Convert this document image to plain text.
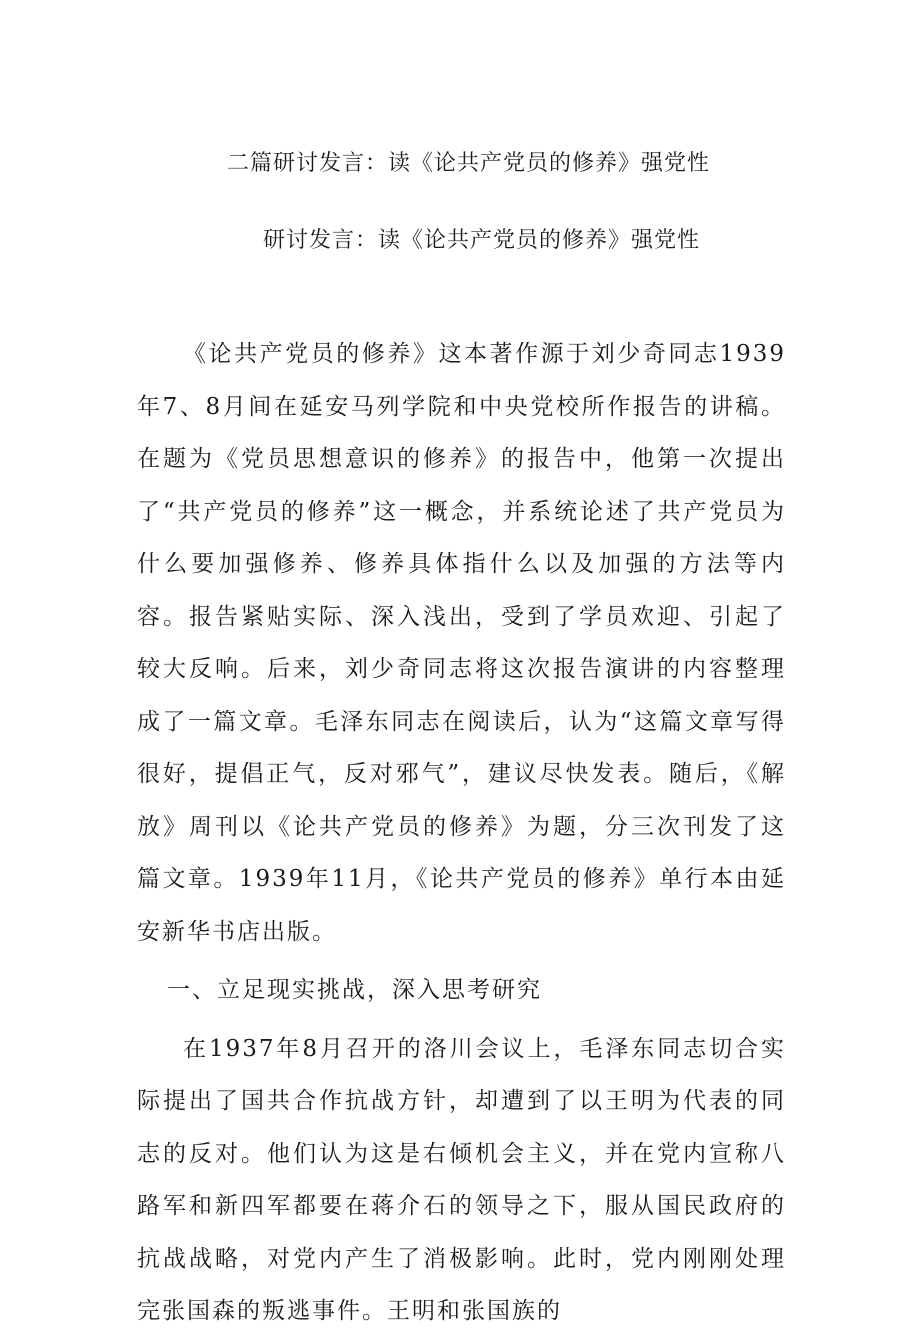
二篇研讨发言：读《论共产党员的修养》强党性
研讨发言：读《论共产党员的修养》强党性

《论共产党员的修养》这本著作源于刘少奇同志1939年7、8月间在延安马列学院和中央党校所作报告的讲稿。在题为《党员思想意识的修养》的报告中，他第一次提出了“共产党员的修养”这一概念，并系统论述了共产党员为什么要加强修养、修养具体指什么以及加强的方法等内容。报告紧贴实际、深入浅出，受到了学员欢迎、引起了较大反响。后来，刘少奇同志将这次报告演讲的内容整理成了一篇文章。毛泽东同志在阅读后，认为“这篇文章写得很好，提倡正气，反对邪气”，建议尽快发表。随后，《解放》周刊以《论共产党员的修养》为题，分三次刊发了这篇文章。1939年11月，《论共产党员的修养》单行本由延安新华书店出版。

一、立足现实挑战，深入思考研究

在1937年8月召开的洛川会议上，毛泽东同志切合实际提出了国共合作抗战方针，却遭到了以王明为代表的同志的反对。他们认为这是右倾机会主义，并在党内宣称八路军和新四军都要在蒋介石的领导之下，服从国民政府的抗战战略，对党内产生了消极影响。此时，党内刚刚处理完张国森的叛逃事件。王明和张国族的
